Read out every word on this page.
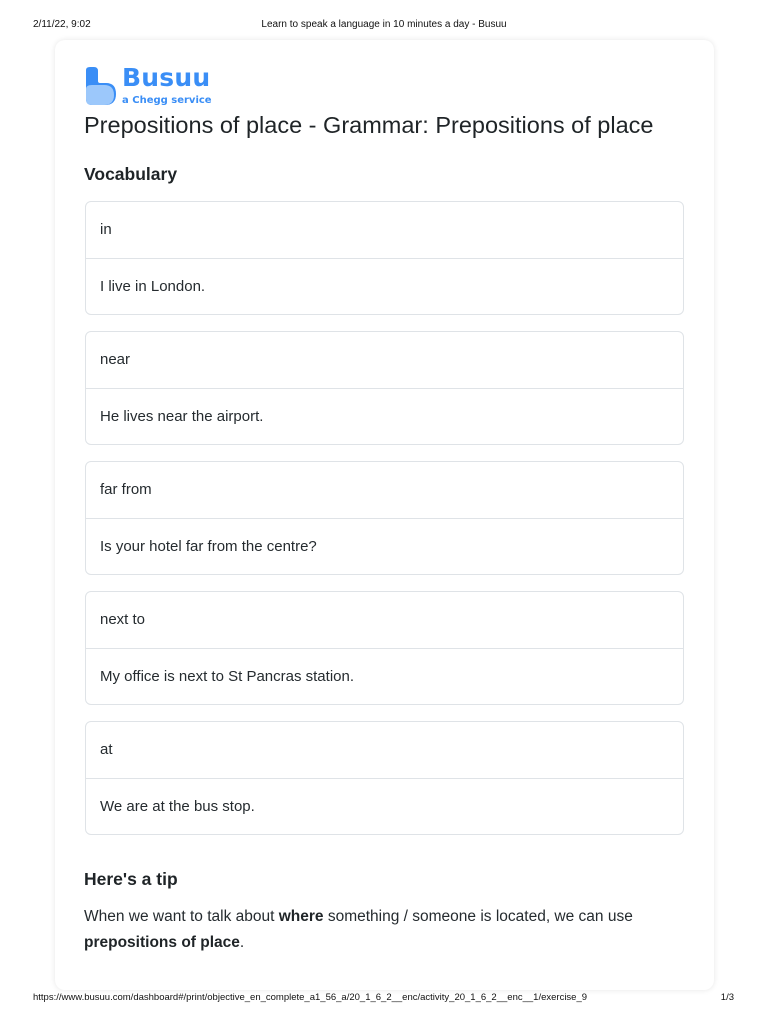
2/11/22, 9:02	Learn to speak a language in 10 minutes a day - Busuu
Busuu
a Chegg service
Prepositions of place - Grammar: Prepositions of place
Vocabulary
in
I live in London.
near
He lives near the airport.
far from
Is your hotel far from the centre?
next to
My office is next to St Pancras station.
at
We are at the bus stop.
Here's a tip

When we want to talk about where something / someone is located, we can use prepositions of place.

https://www.busuu.com/dashboard#/print/objective_en_complete_a1_56_a/20_1_6_2__enc/activity_20_1_6_2__enc__1/exercise_9	1/3
